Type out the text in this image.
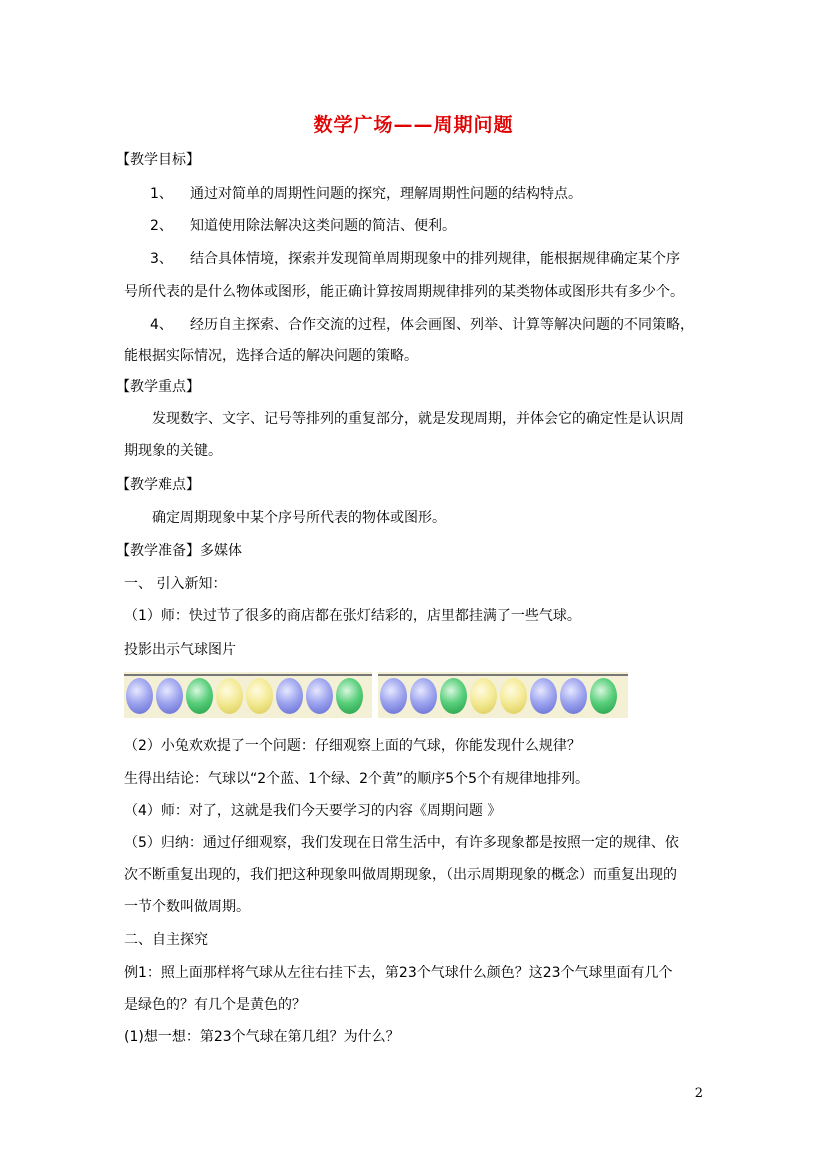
数学广场——周期问题
【教学目标】
1、 通过对简单的周期性问题的探究，理解周期性问题的结构特点。
2、 知道使用除法解决这类问题的简洁、便利。
3、 结合具体情境，探索并发现简单周期现象中的排列规律，能根据规律确定某个序
号所代表的是什么物体或图形，能正确计算按周期规律排列的某类物体或图形共有多少个。
4、 经历自主探索、合作交流的过程，体会画图、列举、计算等解决问题的不同策略，
能根据实际情况，选择合适的解决问题的策略。
【教学重点】
发现数字、文字、记号等排列的重复部分，就是发现周期，并体会它的确定性是认识周
期现象的关键。
【教学难点】
确定周期现象中某个序号所代表的物体或图形。
【教学准备】多媒体
一、 引入新知：
（1）师：快过节了很多的商店都在张灯结彩的，店里都挂满了一些气球。
投影出示气球图片
（2）小兔欢欢提了一个问题：仔细观察上面的气球，你能发现什么规律？
生得出结论：气球以“2个蓝、1个绿、2个黄”的顺序5个5个有规律地排列。
（4）师：对了，这就是我们今天要学习的内容《周期问题 》
（5）归纳：通过仔细观察，我们发现在日常生活中，有许多现象都是按照一定的规律、依
次不断重复出现的，我们把这种现象叫做周期现象，（出示周期现象的概念）而重复出现的
一节个数叫做周期。
二、自主探究
例1：照上面那样将气球从左往右挂下去，第23个气球什么颜色？这23个气球里面有几个
是绿色的？有几个是黄色的？
(1)想一想：第23个气球在第几组？为什么？
2
